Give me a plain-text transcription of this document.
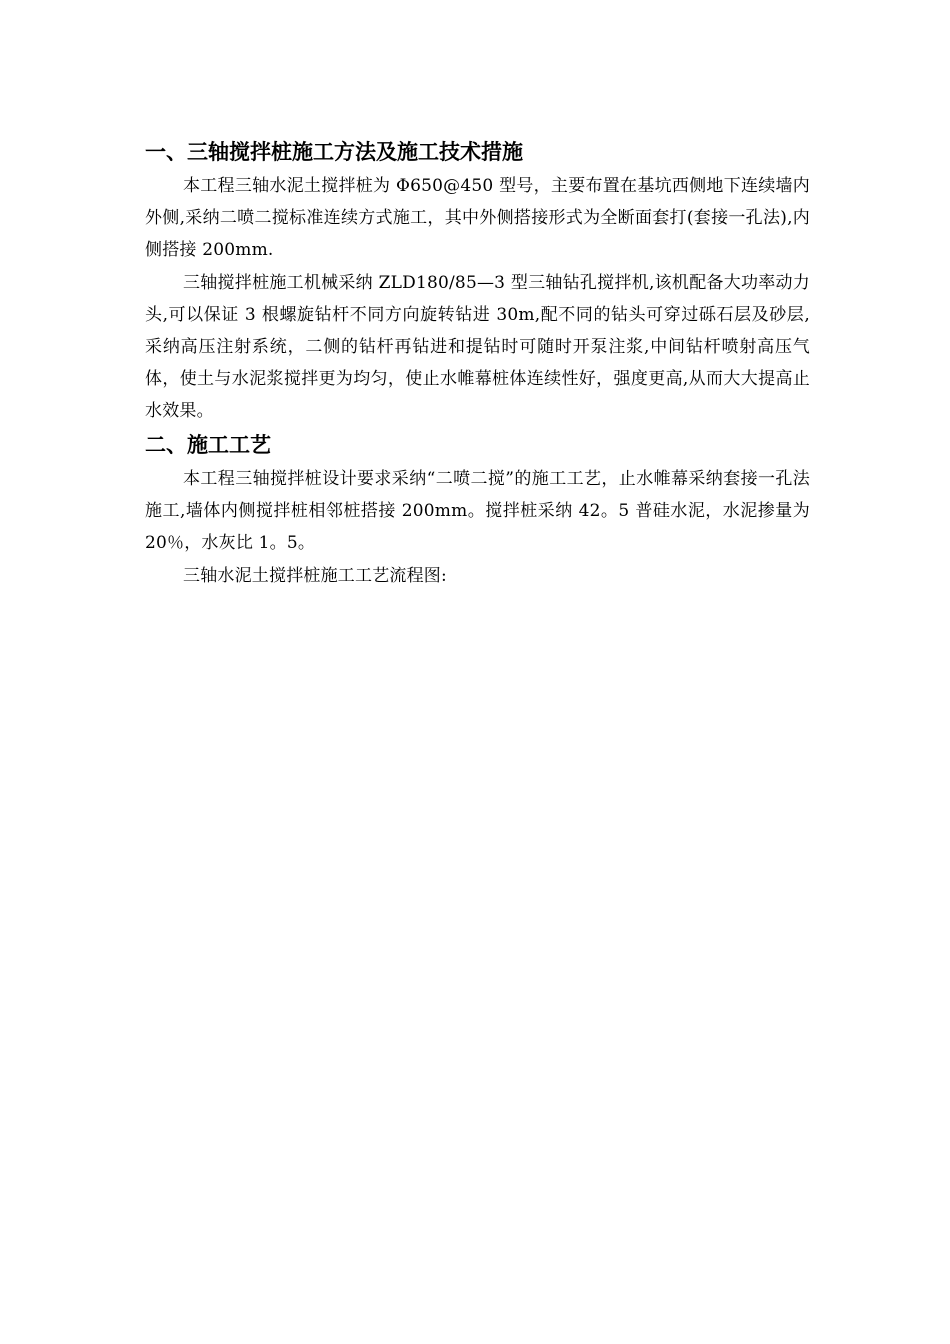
一、三轴搅拌桩施工方法及施工技术措施

本工程三轴水泥土搅拌桩为 Φ650@450 型号，主要布置在基坑西侧地下连续墙内外侧,采纳二喷二搅标准连续方式施工，其中外侧搭接形式为全断面套打(套接一孔法),内侧搭接 200mm.

三轴搅拌桩施工机械采纳 ZLD180/85—3 型三轴钻孔搅拌机,该机配备大功率动力头,可以保证 3 根螺旋钻杆不同方向旋转钻进 30m,配不同的钻头可穿过砾石层及砂层,采纳高压注射系统，二侧的钻杆再钻进和提钻时可随时开泵注浆,中间钻杆喷射高压气体，使土与水泥浆搅拌更为均匀，使止水帷幕桩体连续性好，强度更高,从而大大提高止水效果。

二、施工工艺

本工程三轴搅拌桩设计要求采纳“二喷二搅”的施工工艺，止水帷幕采纳套接一孔法施工,墙体内侧搅拌桩相邻桩搭接 200mm。搅拌桩采纳 42。5 普硅水泥，水泥掺量为 20％，水灰比 1。5。

三轴水泥土搅拌桩施工工艺流程图:
